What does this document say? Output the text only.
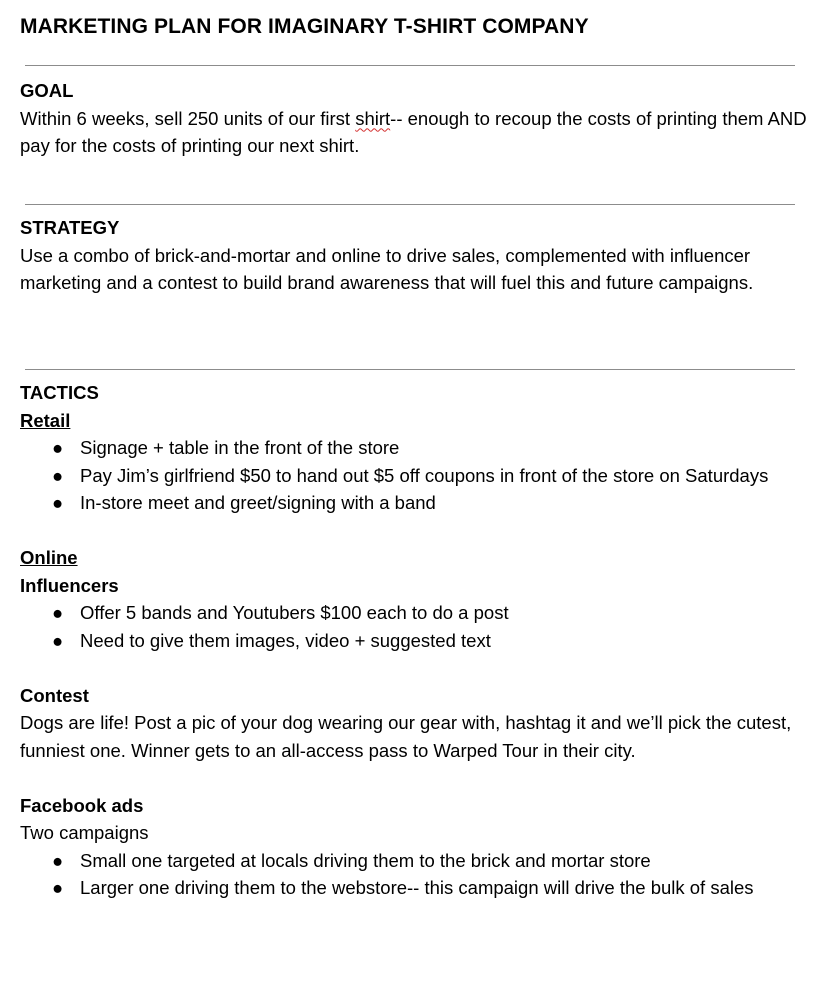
MARKETING PLAN FOR IMAGINARY T-SHIRT COMPANY
GOAL
Within 6 weeks, sell 250 units of our first shirt-- enough to recoup the costs of printing them AND pay for the costs of printing our next shirt.
STRATEGY
Use a combo of brick-and-mortar and online to drive sales, complemented with influencer marketing and a contest to build brand awareness that will fuel this and future campaigns.
TACTICS
Retail
● Signage + table in the front of the store
● Pay Jim’s girlfriend $50 to hand out $5 off coupons in front of the store on Saturdays
● In-store meet and greet/signing with a band
Online
Influencers
● Offer 5 bands and Youtubers $100 each to do a post
● Need to give them images, video + suggested text
Contest
Dogs are life! Post a pic of your dog wearing our gear with, hashtag it and we’ll pick the cutest, funniest one. Winner gets to an all-access pass to Warped Tour in their city.
Facebook ads
Two campaigns
● Small one targeted at locals driving them to the brick and mortar store
● Larger one driving them to the webstore-- this campaign will drive the bulk of sales
